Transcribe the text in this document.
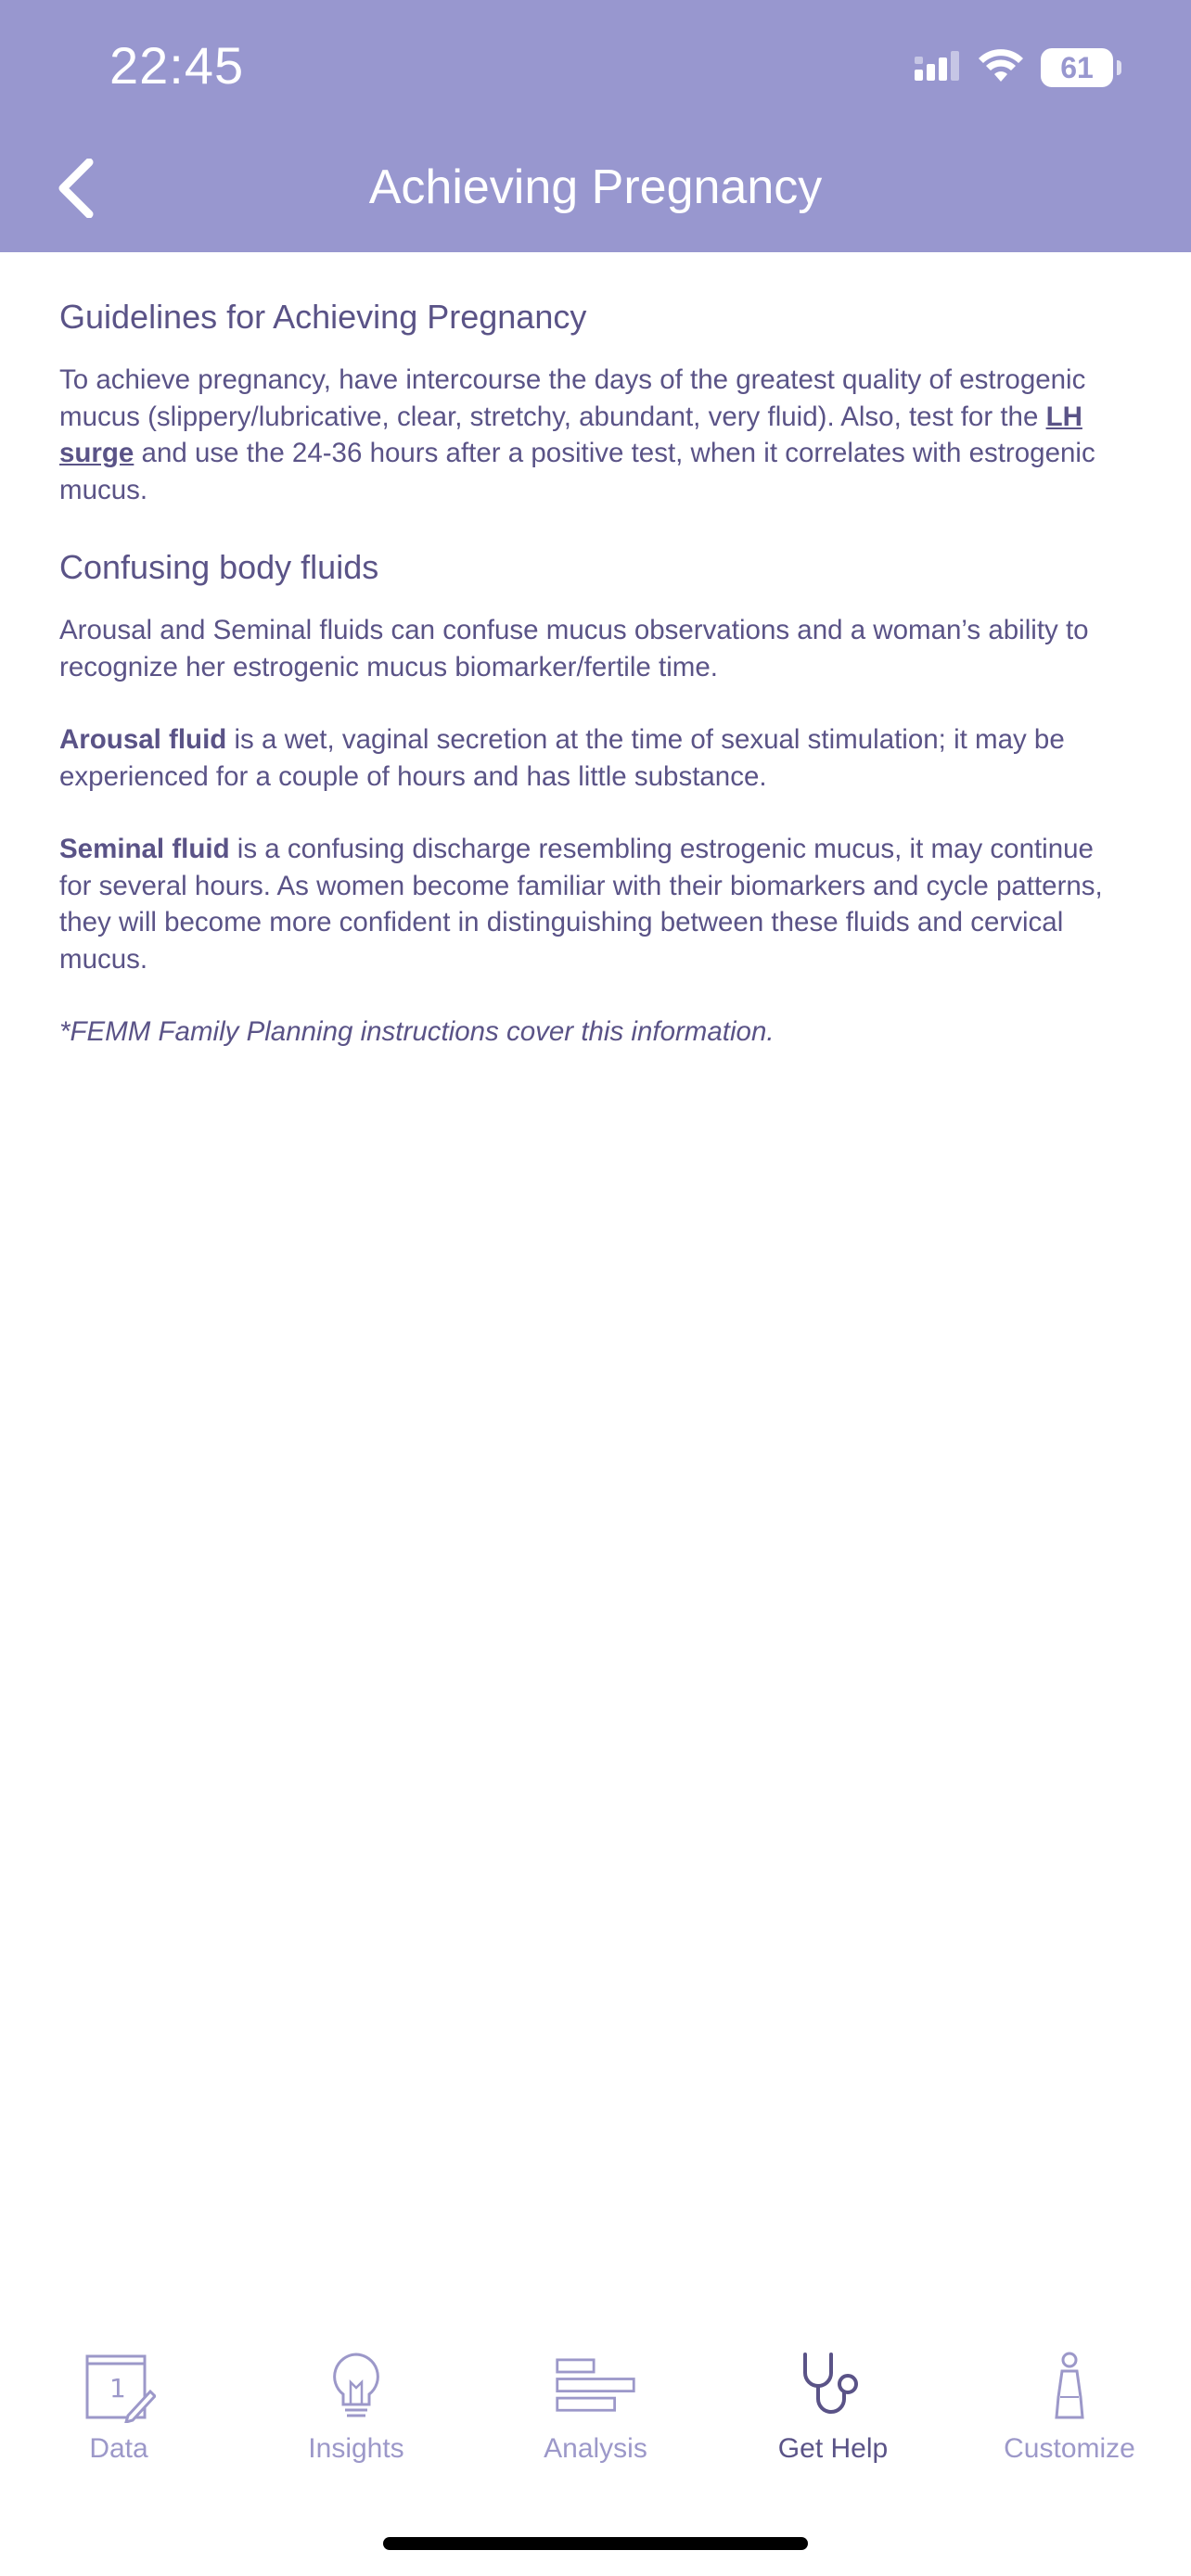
22:45	61
Achieving Pregnancy
Guidelines for Achieving Pregnancy

To achieve pregnancy, have intercourse the days of the greatest quality of estrogenic mucus (slippery/lubricative, clear, stretchy, abundant, very fluid). Also, test for the LH surge and use the 24-36 hours after a positive test, when it correlates with estrogenic mucus.

Confusing body fluids

Arousal and Seminal fluids can confuse mucus observations and a woman’s ability to recognize her estrogenic mucus biomarker/fertile time.

Arousal fluid is a wet, vaginal secretion at the time of sexual stimulation; it may be experienced for a couple of hours and has little substance.

Seminal fluid is a confusing discharge resembling estrogenic mucus, it may continue for several hours. As women become familiar with their biomarkers and cycle patterns, they will become more confident in distinguishing between these fluids and cervical mucus.

*FEMM Family Planning instructions cover this information.

1
Data	Insights	Analysis	Get Help	Customize
